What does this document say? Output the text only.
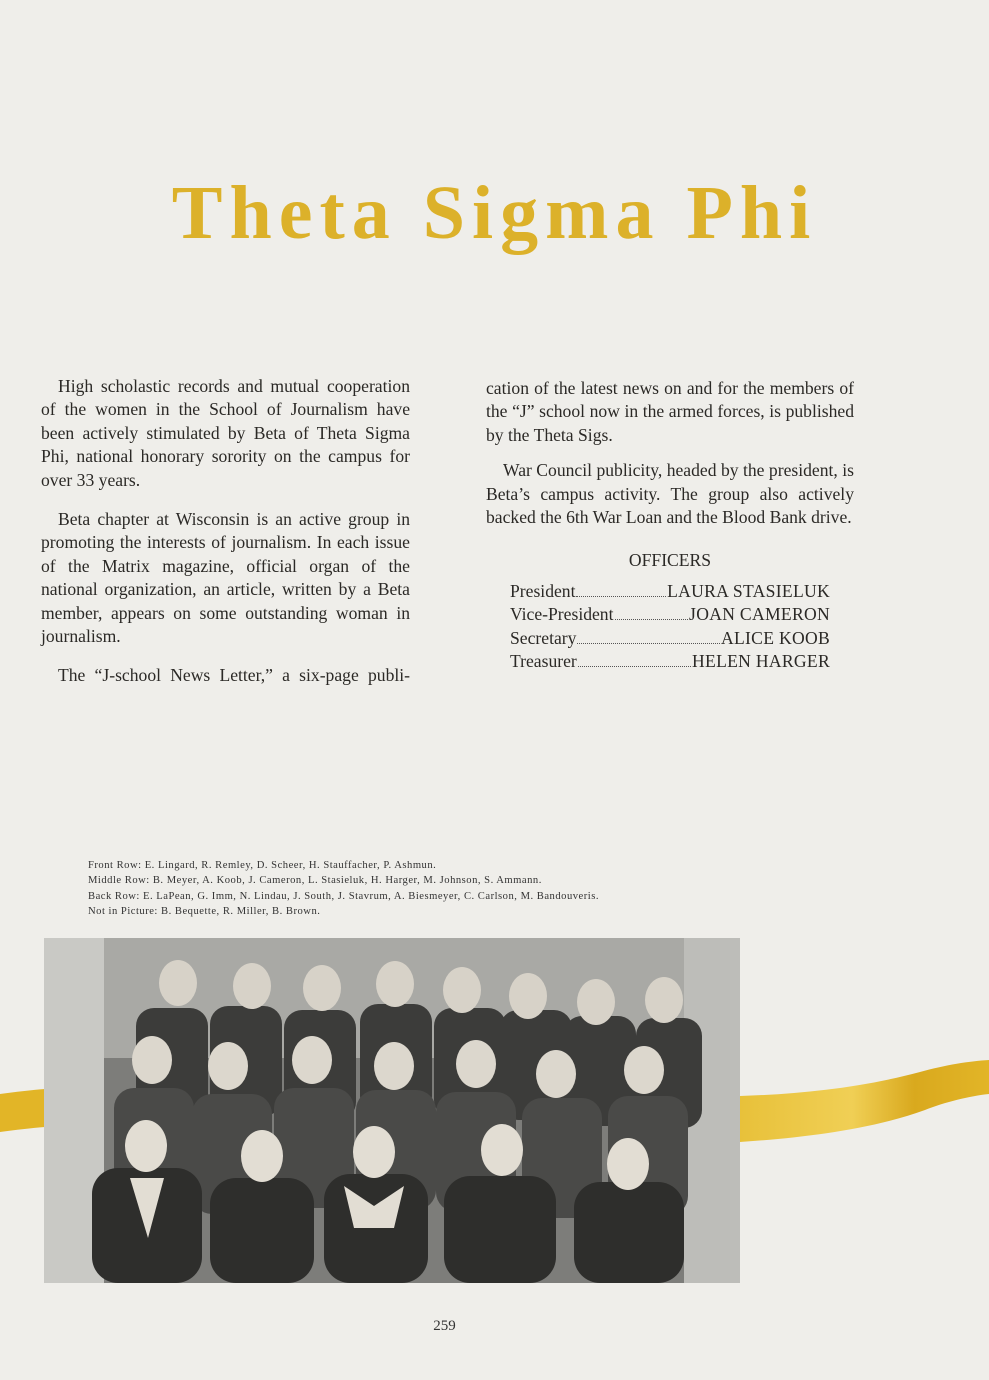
Theta Sigma Phi

High scholastic records and mutual cooperation of the women in the School of Journalism have been actively stimulated by Beta of Theta Sigma Phi, national honorary sorority on the campus for over 33 years.

Beta chapter at Wisconsin is an active group in promoting the interests of journalism. In each issue of the Matrix magazine, official organ of the national organization, an article, written by a Beta member, appears on some outstanding woman in journalism.

The “J-school News Letter,” a six-page publi-

cation of the latest news on and for the members of the “J” school now in the armed forces, is published by the Theta Sigs.

War Council publicity, headed by the president, is Beta’s campus activity. The group also actively backed the 6th War Loan and the Blood Bank drive.

OFFICERS
President	LAURA STASIELUK
Vice-President	JOAN CAMERON
Secretary	ALICE KOOB
Treasurer	HELEN HARGER
Front Row: E. Lingard, R. Remley, D. Scheer, H. Stauffacher, P. Ashmun.
Middle Row: B. Meyer, A. Koob, J. Cameron, L. Stasieluk, H. Harger, M. Johnson, S. Ammann.
Back Row: E. LaPean, G. Imm, N. Lindau, J. South, J. Stavrum, A. Biesmeyer, C. Carlson, M. Bandouveris.
Not in Picture: B. Bequette, R. Miller, B. Brown.
259
